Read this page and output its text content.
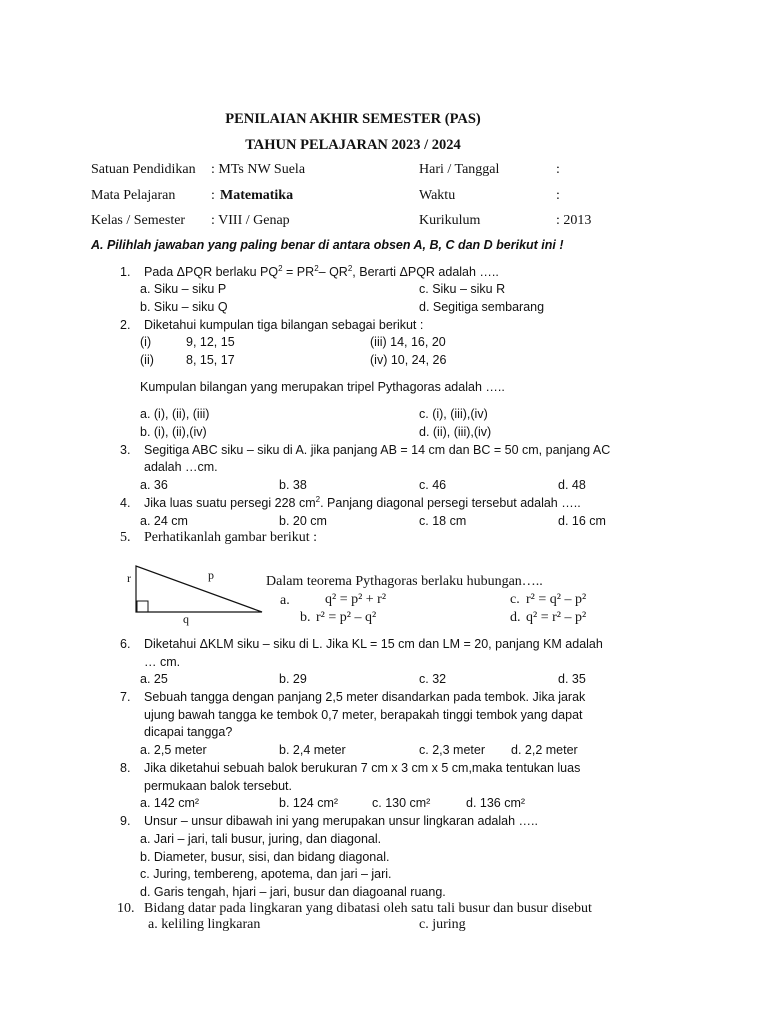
PENILAIAN AKHIR SEMESTER (PAS)
TAHUN PELAJARAN 2023 / 2024
Satuan Pendidikan : MTs NW Suela	Hari / Tanggal	:
Mata Pelajaran	: Matematika	Waktu	:
Kelas / Semester : VIII / Genap	Kurikulum	: 2013
A. Pilihlah jawaban yang paling benar di antara obsen A, B, C dan D berikut ini !
1. Pada ΔPQR berlaku $PQ^2 = PR^2-$ $QR^2$, Berarti ΔPQR adalah …..
a. Siku – siku P	c. Siku – siku R
b. Siku – siku Q	d. Segitiga sembarang
2. Diketahui kumpulan tiga bilangan sebagai berikut :
(i)	9, 12, 15	(iii) 14, 16, 20
(ii)	8, 15, 17	(iv) 10, 24, 26
Kumpulan bilangan yang merupakan tripel Pythagoras adalah …..
a. (i), (ii), (iii)	c. (i), (iii),(iv)
b. (i), (ii),(iv)	d. (ii), (iii),(iv)
3. Segitiga ABC siku – siku di A. jika panjang AB = 14 cm dan BC = 50 cm, panjang AC
adalah …cm.
a. 36	b. 38	c. 46	d. 48
4. Jika luas suatu persegi 228 $cm^2$. Panjang diagonal persegi tersebut adalah …..
a. 24 cm	b. 20 cm	c. 18 cm	d. 16 cm
5. Perhatikanlah gambar berikut :
r	p
q
Dalam teorema Pythagoras berlaku hubungan…..
a.	q² = p² + r²
b. r² = p² – q²
c. r² = q² – p²
d. q² = r² – p²
6. Diketahui ΔKLM siku – siku di L. Jika KL = 15 cm dan LM = 20, panjang KM adalah
… cm.
a. 25	b. 29	c. 32	d. 35
7. Sebuah tangga dengan panjang 2,5 meter disandarkan pada tembok. Jika jarak
ujung bawah tangga ke tembok 0,7 meter, berapakah tinggi tembok yang dapat
dicapai tangga?
a. 2,5 meter	b. 2,4 meter	c. 2,3 meter d. 2,2 meter
8. Jika diketahui sebuah balok berukuran 7 cm x 3 cm x 5 cm,maka tentukan luas
permukaan balok tersebut.
a. 142 cm²	b. 124 cm²	c. 130 cm²	d. 136 cm²
9. Unsur – unsur dibawah ini yang merupakan unsur lingkaran adalah …..
a. Jari – jari, tali busur, juring, dan diagonal.
b. Diameter, busur, sisi, dan bidang diagonal.
c. Juring, tembereng, apotema, dan jari – jari.
d. Garis tengah, hjari – jari, busur dan diagoanal ruang.
10. Bidang datar pada lingkaran yang dibatasi oleh satu tali busur dan busur disebut
a. keliling lingkaran	c. juring
